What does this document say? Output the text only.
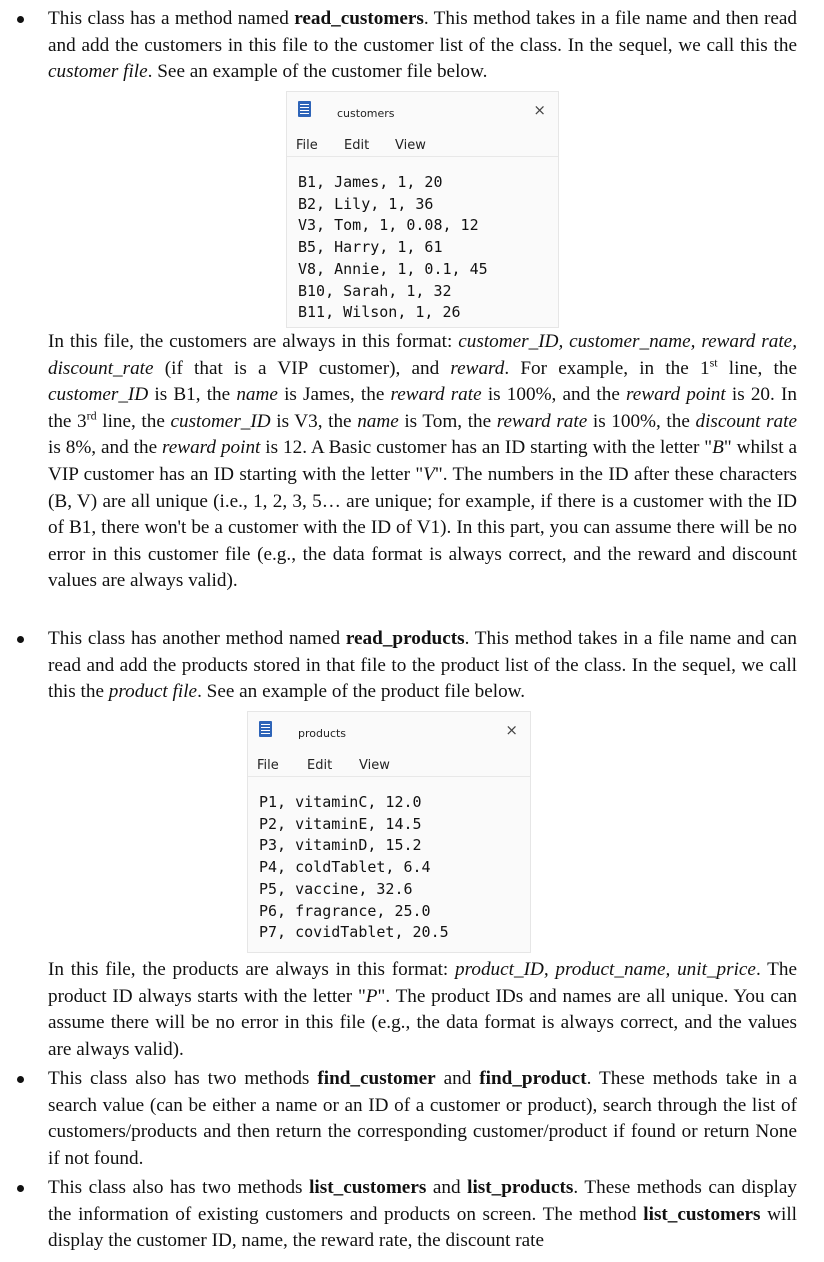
This class has a method named read_customers. This method takes in a file name and then read and add the customers in this file to the customer list of the class. In the sequel, we call this the customer file. See an example of the customer file below.
customers	×
File Edit View
B1, James, 1, 20
B2, Lily, 1, 36
V3, Tom, 1, 0.08, 12
B5, Harry, 1, 61
V8, Annie, 1, 0.1, 45
B10, Sarah, 1, 32
B11, Wilson, 1, 26

In this file, the customers are always in this format: customer_ID, customer_name, reward rate, discount_rate (if that is a VIP customer), and reward. For example, in the 1st line, the customer_ID is B1, the name is James, the reward rate is 100%, and the reward point is 20. In the 3rd line, the customer_ID is V3, the name is Tom, the reward rate is 100%, the discount rate is 8%, and the reward point is 12. A Basic customer has an ID starting with the letter "B" whilst a VIP customer has an ID starting with the letter "V". The numbers in the ID after these characters (B, V) are all unique (i.e., 1, 2, 3, 5… are unique; for example, if there is a customer with the ID of B1, there won't be a customer with the ID of V1). In this part, you can assume there will be no error in this customer file (e.g., the data format is always correct, and the reward and discount values are always valid).

This class has another method named read_products. This method takes in a file name and can read and add the products stored in that file to the product list of the class. In the sequel, we call this the product file. See an example of the product file below.
products	×
File Edit View
P1, vitaminC, 12.0
P2, vitaminE, 14.5
P3, vitaminD, 15.2
P4, coldTablet, 6.4
P5, vaccine, 32.6
P6, fragrance, 25.0
P7, covidTablet, 20.5

In this file, the products are always in this format: product_ID, product_name, unit_price. The product ID always starts with the letter "P". The product IDs and names are all unique. You can assume there will be no error in this file (e.g., the data format is always correct, and the values are always valid).

This class also has two methods find_customer and find_product. These methods take in a search value (can be either a name or an ID of a customer or product), search through the list of customers/products and then return the corresponding customer/product if found or return None if not found.
This class also has two methods list_customers and list_products. These methods can display the information of existing customers and products on screen. The method list_customers will display the customer ID, name, the reward rate, the discount rate
